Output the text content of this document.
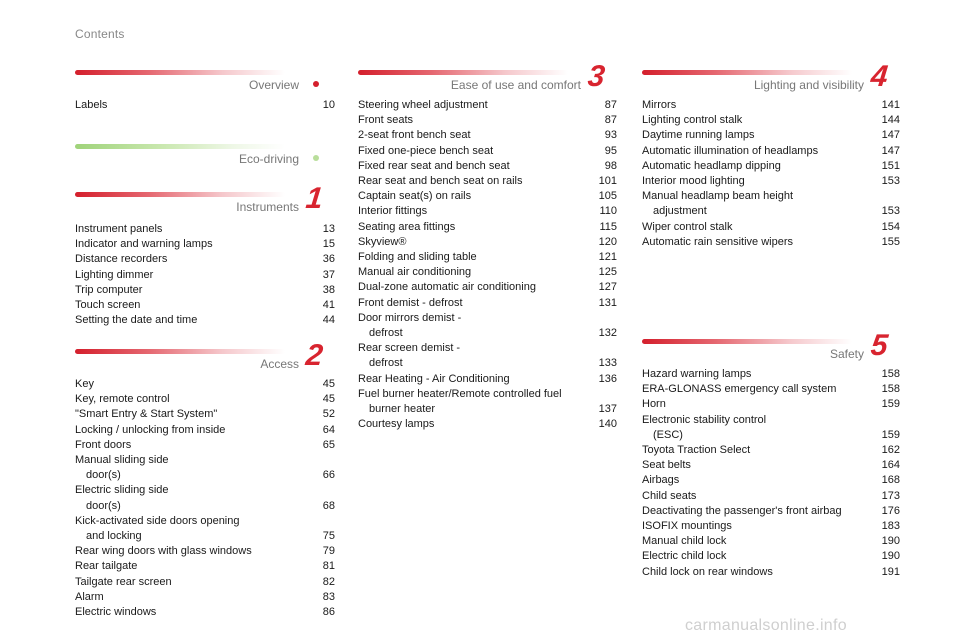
Contents
Overview
Labels	10
Eco-driving
Instruments 1
Instrument panels	13
Indicator and warning lamps	15
Distance recorders	36
Lighting dimmer	37
Trip computer	38
Touch screen	41
Setting the date and time	44
Access 2
Key	45
Key, remote control	45
"Smart Entry & Start System"	52
Locking / unlocking from inside	64
Front doors	65
Manual sliding side
door(s)	66
Electric sliding side
door(s)	68
Kick-activated side doors opening
and locking	75
Rear wing doors with glass windows	79
Rear tailgate	81
Tailgate rear screen	82
Alarm	83
Electric windows	86
Ease of use and comfort 3
Steering wheel adjustment	87
Front seats	87
2-seat front bench seat	93
Fixed one-piece bench seat	95
Fixed rear seat and bench seat	98
Rear seat and bench seat on rails	101
Captain seat(s) on rails	105
Interior fittings	110
Seating area fittings	115
Skyview®	120
Folding and sliding table	121
Manual air conditioning	125
Dual-zone automatic air conditioning	127
Front demist - defrost	131
Door mirrors demist -
defrost	132
Rear screen demist -
defrost	133
Rear Heating - Air Conditioning	136
Fuel burner heater/Remote controlled fuel
burner heater	137
Courtesy lamps	140
Lighting and visibility 4
Mirrors	141
Lighting control stalk	144
Daytime running lamps	147
Automatic illumination of headlamps	147
Automatic headlamp dipping	151
Interior mood lighting	153
Manual headlamp beam height
adjustment	153
Wiper control stalk	154
Automatic rain sensitive wipers	155
Safety 5
Hazard warning lamps	158
ERA-GLONASS emergency call system	158
Horn	159
Electronic stability control
(ESC)	159
Toyota Traction Select	162
Seat belts	164
Airbags	168
Child seats	173
Deactivating the passenger's front airbag	176
ISOFIX mountings	183
Manual child lock	190
Electric child lock	190
Child lock on rear windows	191
carmanualsonline.info
